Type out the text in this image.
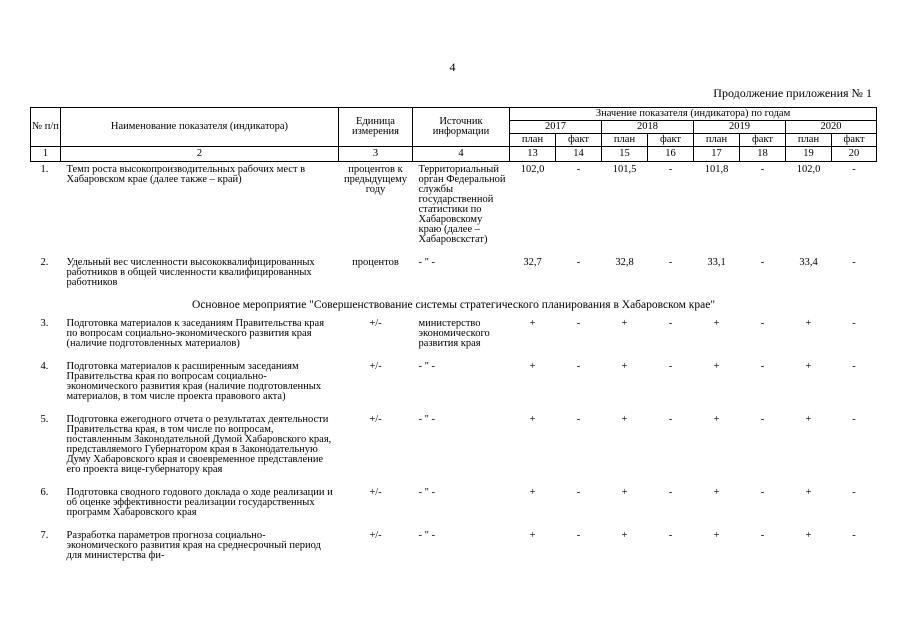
4
Продолжение приложения № 1
№ п/п	Наименование показателя (индикатора)	Единица измерения	Источник информации	Значение показателя (индикатора) по годам							
				2017		2018		2019		2020	
				план	факт	план	факт	план	факт	план	факт
1	2	3	4	13	14	15	16	17	18	19	20
1.	Темп роста высокопроизводительных рабочих мест в Хабаровском крае (далее также – край)	процентов к предыдущему году	Территориальный орган Федеральной службы государственной статистики по Хабаровскому краю (далее – Хабаровскстат)	102,0	-	101,5	-	101,8	-	102,0	-
2.	Удельный вес численности высококвалифицированных работников в общей численности квалифицированных работников	процентов	- " -	32,7	-	32,8	-	33,1	-	33,4	-
Основное мероприятие "Совершенствование системы стратегического планирования в Хабаровском крае"											
3.	Подготовка материалов к заседаниям Правительства края по вопросам социально-экономического развития края (наличие подготовленных материалов)	+/-	министерство экономического развития края	+	-	+	-	+	-	+	-
4.	Подготовка материалов к расширенным заседаниям Правительства края по вопросам социально-экономического развития края (наличие подготовленных материалов, в том числе проекта правового акта)	+/-	- " -	+	-	+	-	+	-	+	-
5.	Подготовка ежегодного отчета о результатах деятельности Правительства края, в том числе по вопросам, поставленным Законодательной Думой Хабаровского края, представляемого Губернатором края в Законодательную Думу Хабаровского края и своевременное представление его проекта вице-губернатору края	+/-	- " -	+	-	+	-	+	-	+	-
6.	Подготовка сводного годового доклада о ходе реализации и об оценке эффективности реализации государственных программ Хабаровского края	+/-	- " -	+	-	+	-	+	-	+	-
7.	Разработка параметров прогноза социально-экономического развития края на среднесрочный период для министерства фи-	+/-	- " -	+	-	+	-	+	-	+	-
